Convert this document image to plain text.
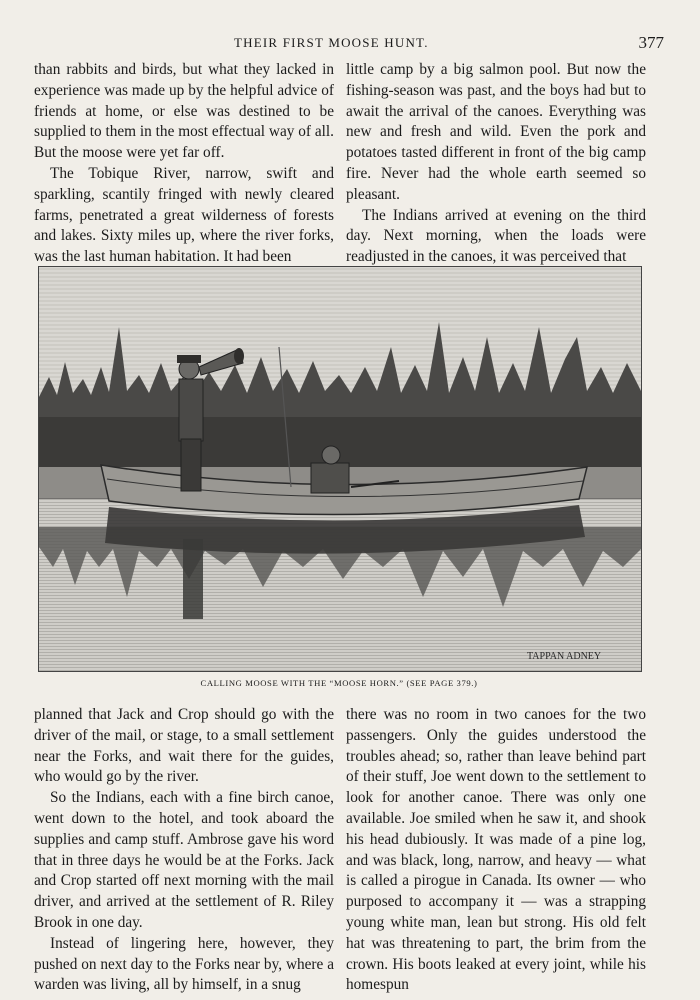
THEIR FIRST MOOSE HUNT.	377

than rabbits and birds, but what they lacked in experience was made up by the helpful advice of friends at home, or else was destined to be supplied to them in the most effectual way of all. But the moose were yet far off.

The Tobique River, narrow, swift and sparkling, scantily fringed with newly cleared farms, penetrated a great wilderness of forests and lakes. Sixty miles up, where the river forks, was the last human habitation. It had been

little camp by a big salmon pool. But now the fishing-season was past, and the boys had but to await the arrival of the canoes. Everything was new and fresh and wild. Even the pork and potatoes tasted different in front of the big camp fire. Never had the whole earth seemed so pleasant.

The Indians arrived at evening on the third day. Next morning, when the loads were readjusted in the canoes, it was perceived that

TAPPAN ADNEY
CALLING MOOSE WITH THE “MOOSE HORN.” (SEE PAGE 379.)

planned that Jack and Crop should go with the driver of the mail, or stage, to a small settlement near the Forks, and wait there for the guides, who would go by the river.

So the Indians, each with a fine birch canoe, went down to the hotel, and took aboard the supplies and camp stuff. Ambrose gave his word that in three days he would be at the Forks. Jack and Crop started off next morning with the mail driver, and arrived at the settlement of R. Riley Brook in one day.

Instead of lingering here, however, they pushed on next day to the Forks near by, where a warden was living, all by himself, in a snug

there was no room in two canoes for the two passengers. Only the guides understood the troubles ahead; so, rather than leave behind part of their stuff, Joe went down to the settlement to look for another canoe. There was only one available. Joe smiled when he saw it, and shook his head dubiously. It was made of a pine log, and was black, long, narrow, and heavy — what is called a pirogue in Canada. Its owner — who purposed to accompany it — was a strapping young white man, lean but strong. His old felt hat was threatening to part, the brim from the crown. His boots leaked at every joint, while his homespun
